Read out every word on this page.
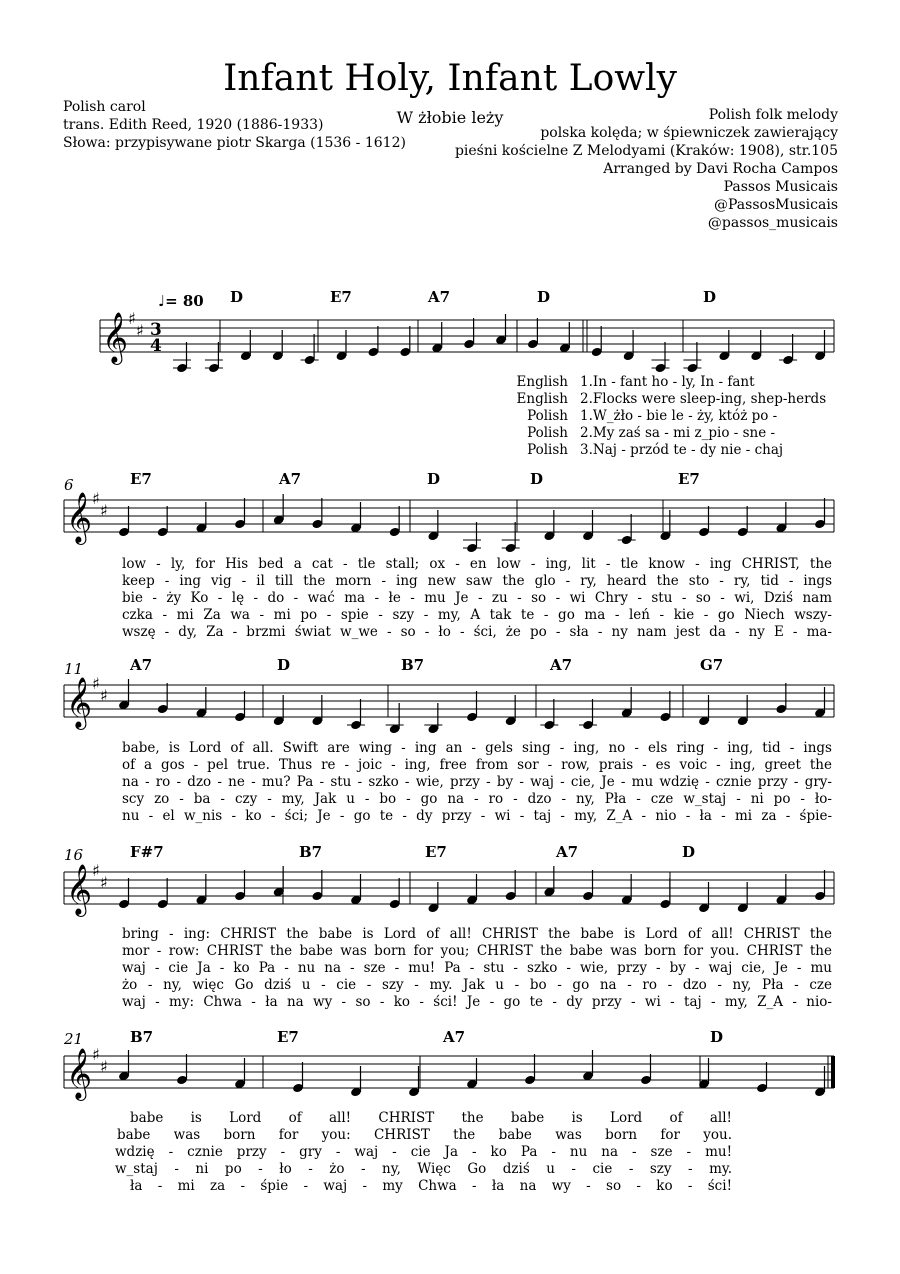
Infant Holy, Infant Lowly
W żłobie leży
Polish carol
trans. Edith Reed, 1920 (1886-1933)
Słowa: przypisywane piotr Skarga (1536 - 1612)
Polish folk melody
polska kolęda; w śpiewniczek zawierający
pieśni kościelne Z Melodyami (Kraków: 1908), str.105
Arranged by Davi Rocha Campos
Passos Musicais
@PassosMusicais
@passos_musicais
♩= 80
𝄞 ♯
♯ 3
4
𝄞 ♯
♯
𝄞 ♯
♯
𝄞 ♯
♯
𝄞 ♯
♯
D	E7	A7	D	D
English
English
Polish
Polish
Polish
1.In - fant ho - ly, In - fant
2.Flocks were sleep-ing, shep-herds
1.W_żło - bie le - ży, któż po -
2.My zaś sa - mi z_pio - sne -
3.Naj - przód te - dy nie - chaj
6	E7	A7	D	D	E7
low - ly, for His bed a cat - tle stall; ox - en low - ing, lit - tle know - ing CHRIST, the
keep - ing vig - il till the morn - ing new saw the glo - ry, heard the sto - ry, tid - ings
bie - ży Ko - lę - do - wać ma - łe - mu Je - zu - so - wi Chry - stu - so - wi, Dziś nam
czka - mi Za wa - mi po - spie - szy - my, A tak te - go ma - leń - kie - go Niech wszy-
wszę - dy, Za - brzmi świat w_we - so - ło - ści, że po - sła - ny nam jest da - ny E - ma-
11	A7	D	B7	A7	G7
babe, is Lord of all. Swift are wing - ing an - gels sing - ing, no - els ring - ing, tid - ings
of a gos - pel true. Thus re - joic - ing, free from sor - row, prais - es voic - ing, greet the
na - ro - dzo - ne - mu? Pa - stu - szko - wie, przy - by - waj - cie, Je - mu wdzię - cznie przy - gry-
scy zo - ba - czy - my, Jak u - bo - go na - ro - dzo - ny, Pła - cze w_staj - ni po - ło-
nu - el w_nis - ko - ści; Je - go te - dy przy - wi - taj - my, Z_A - nio - ła - mi za - śpie-
16	F#7	B7	E7	A7	D
bring - ing: CHRIST the babe is Lord of all! CHRIST the babe is Lord of all! CHRIST the
mor - row: CHRIST the babe was born for you; CHRIST the babe was born for you. CHRIST the
waj - cie Ja - ko Pa - nu na - sze - mu! Pa - stu - szko - wie, przy - by - waj cie, Je - mu
żo - ny, więc Go dziś u - cie - szy - my. Jak u - bo - go na - ro - dzo - ny, Pła - cze
waj - my: Chwa - ła na wy - so - ko - ści! Je - go te - dy przy - wi - taj - my, Z_A - nio-
21	B7	E7	A7	D
babe is Lord of all! CHRIST the babe is Lord of all!
babe was born for you: CHRIST the babe was born for you.
wdzię - cznie przy - gry - waj - cie Ja - ko Pa - nu na - sze - mu!
w_staj - ni po - ło - żo - ny, Więc Go dziś u - cie - szy - my.
ła - mi za - śpie - waj - my Chwa - ła na wy - so - ko - ści!
